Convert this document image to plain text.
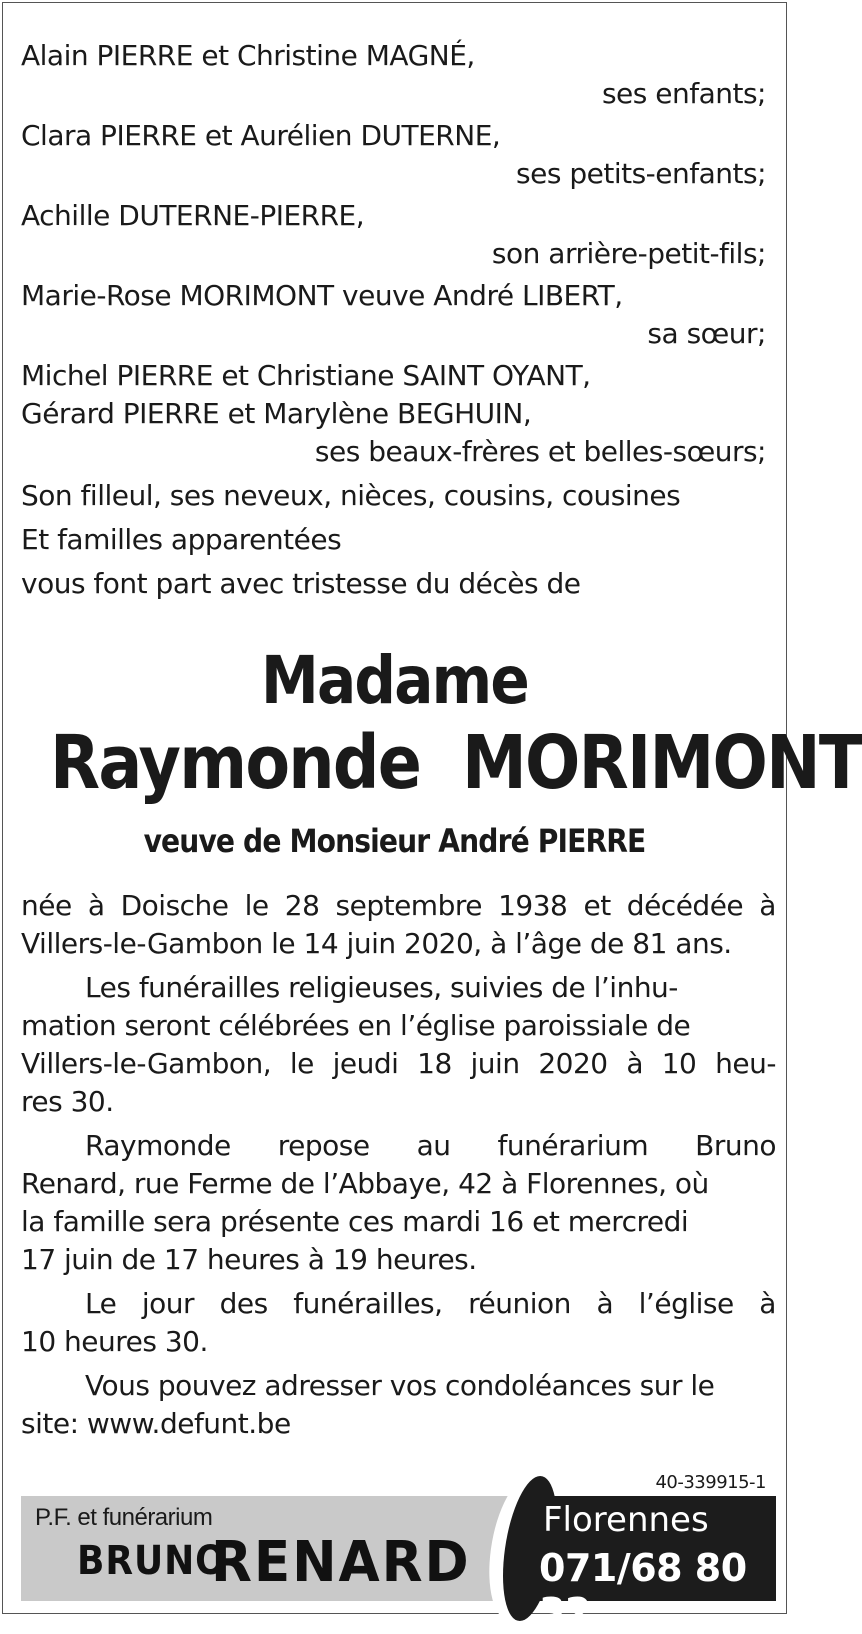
Alain PIERRE et Christine MAGNÉ,
ses enfants;
Clara PIERRE et Aurélien DUTERNE,
ses petits-enfants;
Achille DUTERNE-PIERRE,
son arrière-petit-fils;
Marie-Rose MORIMONT veuve André LIBERT,
sa sœur;
Michel PIERRE et Christiane SAINT OYANT,
Gérard PIERRE et Marylène BEGHUIN,
ses beaux-frères et belles-sœurs;
Son filleul, ses neveux, nièces, cousins, cousines
Et familles apparentées
vous font part avec tristesse du décès de
Madame
Raymonde  MORIMONT
veuve de Monsieur André PIERRE
née à Doische le 28 septembre 1938 et décédée à
Villers-le-Gambon le 14 juin 2020, à l’âge de 81 ans.
Les funérailles religieuses, suivies de l’inhu-
mation seront célébrées en l’église paroissiale de
Villers-le-Gambon, le jeudi 18 juin 2020 à 10 heu-
res 30.
Raymonde repose au funérarium Bruno
Renard, rue Ferme de l’Abbaye, 42 à Florennes, où
la famille sera présente ces mardi 16 et mercredi
17 juin de 17 heures à 19 heures.
Le jour des funérailles, réunion à l’église à
10 heures 30.
Vous pouvez adresser vos condoléances sur le
site: www.defunt.be
40-339915-1
P.F. et funérarium
BRUNO
RENARD
Florennes
071/68 80 32
